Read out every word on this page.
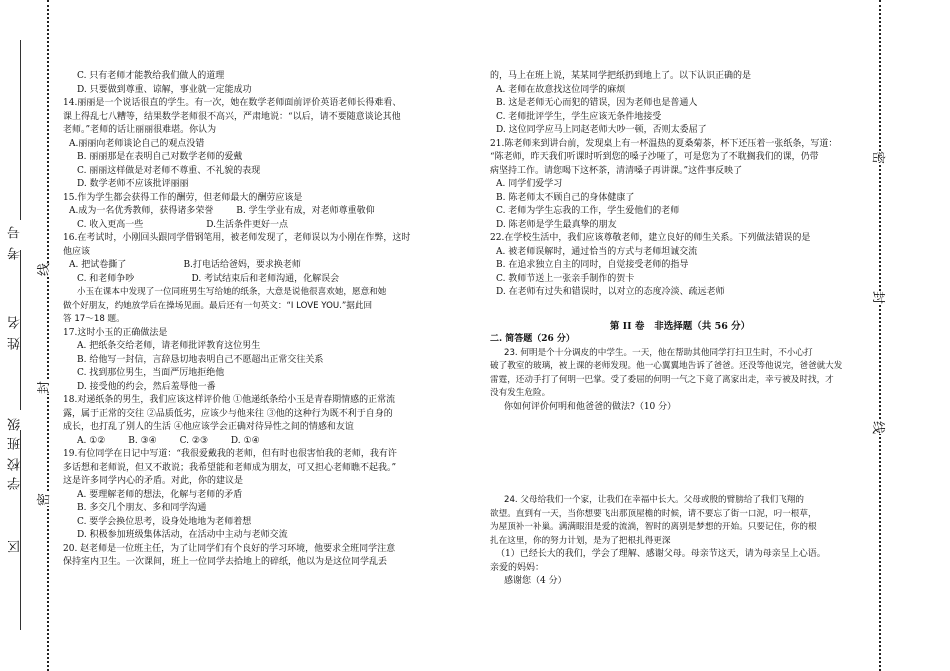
考号
姓名
班级
学校
区
线
封
密
密
封
线

C. 只有老师才能教给我们做人的道理

D. 只要做到尊重、谅解，事业就一定能成功

14.丽丽是一个说话很直的学生。有一次，她在数学老师面前评价英语老师长得难看、

课上得乱七八糟等，结果数学老师很不高兴，严肃地说：“以后，请不要随意谈论其他

老师。”老师的话让丽丽很难堪。你认为

A.丽丽向老师谈论自己的观点没错

B. 丽丽那是在表明自己对数学老师的爱戴

C. 丽丽这样做是对老师不尊重、不礼貌的表现

D. 数学老师不应该批评丽丽

15.作为学生都会获得工作的酬劳，但老师最大的酬劳应该是

A.成为一名优秀教师，获得诸多荣誉        B. 学生学业有成，对老师尊重敬仰

C. 收入更高一些                      D.生活条件更好一点

16.在考试时，小刚回头跟同学借钢笔用，被老师发现了，老师误以为小刚在作弊，这时

他应该

A. 把试卷撕了                    B.打电话给爸妈，要求换老师

C. 和老师争吵                    D. 考试结束后和老师沟通，化解误会

小玉在课本中发现了一位同班男生写给她的纸条，大意是说他很喜欢她，愿意和她

做个好朋友，约她放学后在操场见面。最后还有一句英文：“I LOVE YOU.”据此回

答 17～18 题。

17.这时小玉的正确做法是

A. 把纸条交给老师，请老师批评教育这位男生

B. 给他写一封信，言辞恳切地表明自己不愿超出正常交往关系

C. 找到那位男生，当面严厉地拒绝他

D. 接受他的约会，然后羞辱他一番

18.对递纸条的男生，我们应该这样评价他 ①他递纸条给小玉是青春期情感的正常流

露，属于正常的交往 ②品质低劣，应该少与他来往 ③他的这种行为既不利于自身的

成长，也打乱了别人的生活 ④他应该学会正确对待异性之间的情感和友谊

A. ①②        B. ③④        C. ②③        D. ①④

19.有位同学在日记中写道：“我很爱戴我的老师，但有时也很害怕我的老师，我有许

多话想和老师说，但又不敢说；我希望能和老师成为朋友，可又担心老师瞧不起我。”

这是许多同学内心的矛盾。对此，你的建议是

A. 要理解老师的想法，化解与老师的矛盾

B. 多交几个朋友、多和同学沟通

C. 要学会换位思考，设身处地地为老师着想

D. 积极参加班级集体活动，在活动中主动与老师交流

20. 赵老师是一位班主任，为了让同学们有个良好的学习环境，他要求全班同学注意

保持室内卫生。一次课间，班上一位同学去拾地上的碎纸，他以为是这位同学乱丢

的，马上在班上说，某某同学把纸扔到地上了。以下认识正确的是

A. 老师在故意找这位同学的麻烦

B. 这是老师无心而犯的错误，因为老师也是普通人

C. 老师批评学生，学生应该无条件地接受

D. 这位同学应马上同赵老师大吵一顿，否则太委屈了

21.陈老师来到讲台前，发现桌上有一杯温热的夏桑菊茶，杯下还压着一张纸条，写道：

“陈老师，昨天我们听课时听到您的嗓子沙哑了，可是您为了不耽搁我们的课，仍带

病坚持工作。请您喝下这杯茶，清清嗓子再讲课。”这件事反映了

A. 同学们爱学习

B. 陈老师太不顾自己的身体健康了

C. 老师为学生忘我的工作，学生爱他们的老师

D. 陈老师是学生最真挚的朋友

22.在学校生活中，我们应该尊敬老师，建立良好的师生关系。下列做法错误的是

A. 被老师误解时，通过恰当的方式与老师坦诚交流

B. 在追求独立自主的同时，自觉接受老师的指导

C. 教师节送上一张亲手制作的贺卡

D. 在老师有过失和错误时，以对立的态度冷淡、疏远老师

第 II 卷   非选择题（共 56 分）

二. 简答题（26 分）

23. 何明是个十分调皮的中学生。一天，他在帮助其他同学打扫卫生时，不小心打

破了教室的玻璃，被上课的老师发现。他一心翼翼地告诉了爸爸。还没等他说完，爸爸就大发

雷霆，还动手打了何明一巴掌。受了委屈的何明一气之下竟了离家出走，幸亏被及时找，才

没有发生危险。

你如何评价何明和他爸爸的做法?（10 分）

24. 父母给我们一个家，让我们在幸福中长大。父母或殷的臂膀给了我们飞翔的

欲望。直到有一天，当你想要飞出那顶屋檐的时候，请不要忘了街一口泥，叼一根草，

为屋顶补一补巢。满满眼泪是爱的流淌，智时的离别是梦想的开始。只要记住，你的根

扎在这里，你的努力计划，是为了把根扎得更深

（1）已经长大的我们，学会了理解、感谢父母。母亲节这天，请为母亲呈上心语。

亲爱的妈妈：

感谢您（4 分）
